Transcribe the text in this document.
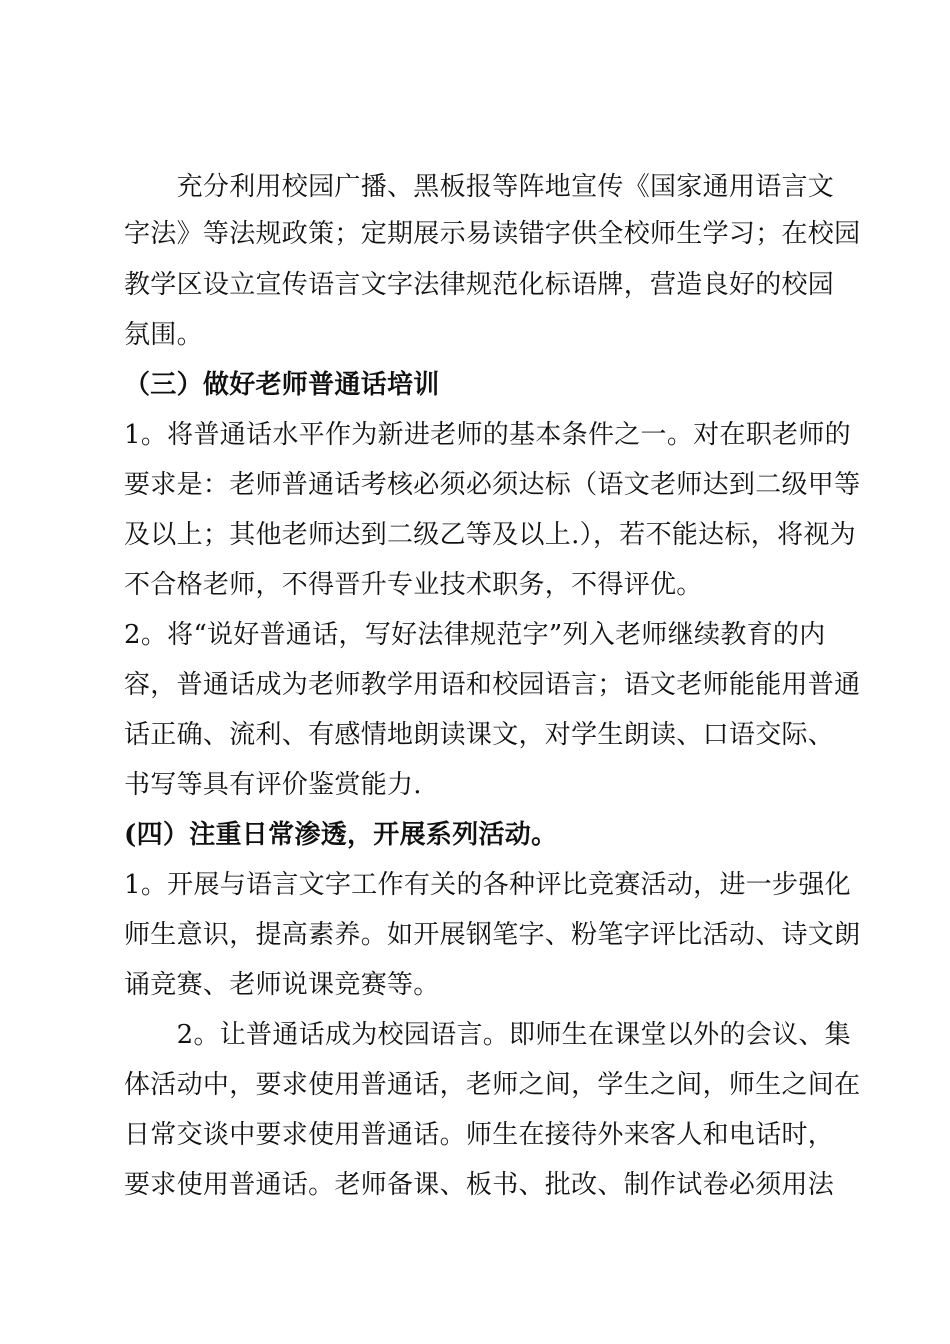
　　充分利用校园广播、黑板报等阵地宣传《国家通用语言文
字法》等法规政策；定期展示易读错字供全校师生学习；在校园
教学区设立宣传语言文字法律规范化标语牌，营造良好的校园
氛围。
（三）做好老师普通话培训
1。将普通话水平作为新进老师的基本条件之一。对在职老师的
要求是：老师普通话考核必须必须达标（语文老师达到二级甲等
及以上；其他老师达到二级乙等及以上.），若不能达标，将视为
不合格老师，不得晋升专业技术职务，不得评优。
2。将“说好普通话，写好法律规范字”列入老师继续教育的内
容，普通话成为老师教学用语和校园语言；语文老师能能用普通
话正确、流利、有感情地朗读课文，对学生朗读、口语交际、
书写等具有评价鉴赏能力.
(四）注重日常渗透，开展系列活动。
1。开展与语言文字工作有关的各种评比竞赛活动，进一步强化
师生意识，提高素养。如开展钢笔字、粉笔字评比活动、诗文朗
诵竞赛、老师说课竞赛等。
　　2。让普通话成为校园语言。即师生在课堂以外的会议、集
体活动中，要求使用普通话，老师之间，学生之间，师生之间在
日常交谈中要求使用普通话。师生在接待外来客人和电话时，
要求使用普通话。老师备课、板书、批改、制作试卷必须用法
